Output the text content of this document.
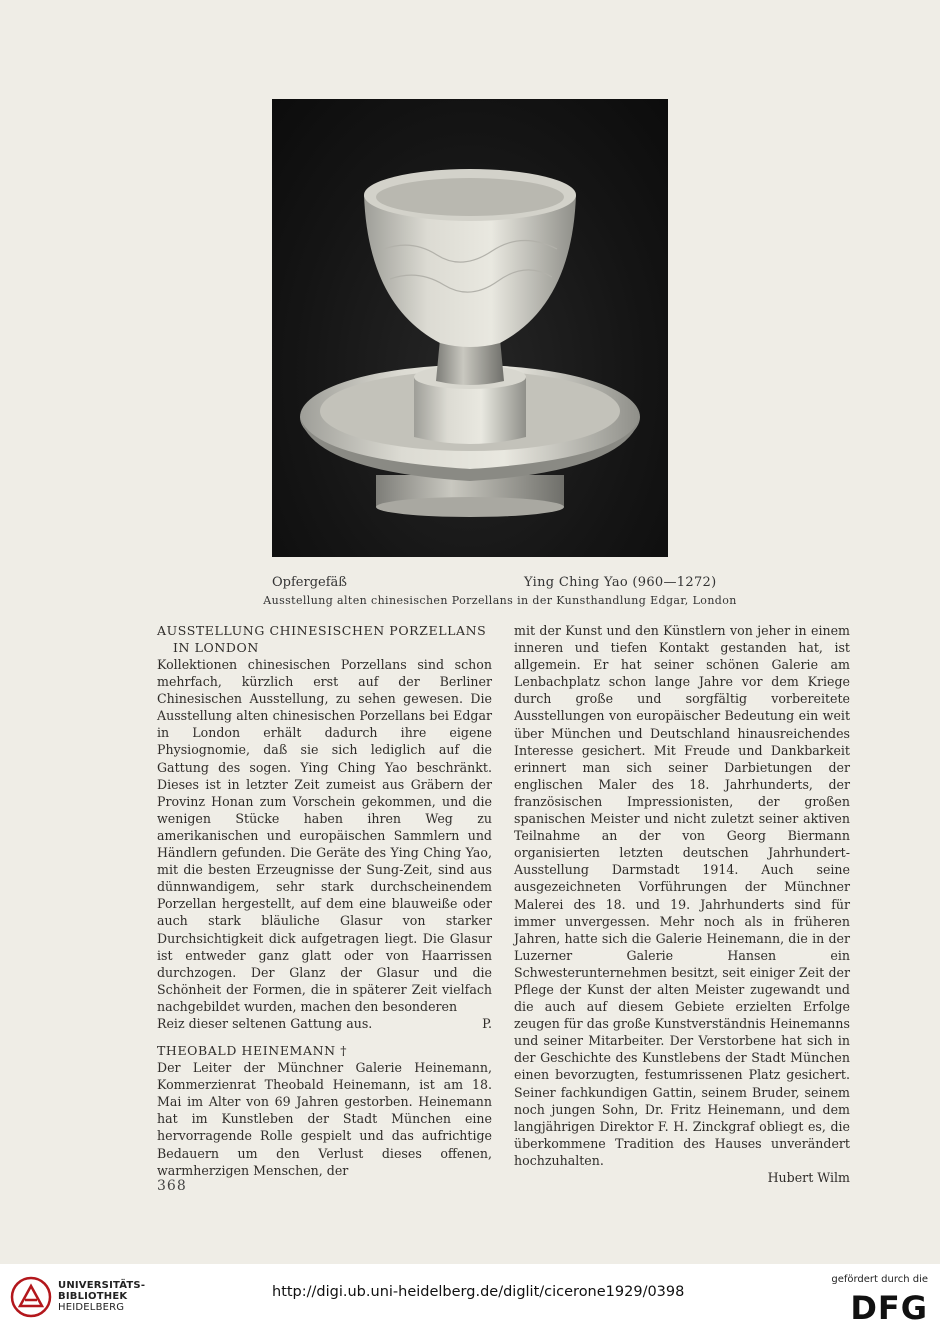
Opfergefäß	Ying Ching Yao (960—1272)
Ausstellung alten chinesischen Porzellans in der Kunsthandlung Edgar, London

AUSSTELLUNG CHINESISCHEN PORZELLANS

IN LONDON

Kollektionen chinesischen Porzellans sind schon mehrfach, kürzlich erst auf der Berliner Chinesischen Ausstellung, zu sehen gewesen. Die Ausstellung alten chinesischen Porzellans bei Edgar in London erhält dadurch ihre eigene Physiognomie, daß sie sich lediglich auf die Gattung des sogen. Ying Ching Yao beschränkt. Dieses ist in letzter Zeit zumeist aus Gräbern der Provinz Honan zum Vorschein gekommen, und die wenigen Stücke haben ihren Weg zu amerikanischen und europäischen Sammlern und Händlern gefunden. Die Geräte des Ying Ching Yao, mit die besten Erzeugnisse der Sung-Zeit, sind aus dünnwandigem, sehr stark durchscheinendem Porzellan hergestellt, auf dem eine blauweiße oder auch stark bläuliche Glasur von starker Durchsichtigkeit dick aufgetragen liegt. Die Glasur ist entweder ganz glatt oder von Haarrissen durchzogen. Der Glanz der Glasur und die Schönheit der Formen, die in späterer Zeit vielfach nachgebildet wurden, machen den besonderen

Reiz dieser seltenen Gattung aus.	P.

THEOBALD HEINEMANN †

Der Leiter der Münchner Galerie Heinemann, Kommerzienrat Theobald Heinemann, ist am 18. Mai im Alter von 69 Jahren gestorben. Heinemann hat im Kunstleben der Stadt München eine hervorragende Rolle gespielt und das aufrichtige Bedauern um den Verlust dieses offenen, warmherzigen Menschen, der

mit der Kunst und den Künstlern von jeher in einem inneren und tiefen Kontakt gestanden hat, ist allgemein. Er hat seiner schönen Galerie am Lenbachplatz schon lange Jahre vor dem Kriege durch große und sorgfältig vorbereitete Ausstellungen von europäischer Bedeutung ein weit über München und Deutschland hinausreichendes Interesse gesichert. Mit Freude und Dankbarkeit erinnert man sich seiner Darbietungen der englischen Maler des 18. Jahrhunderts, der französischen Impressionisten, der großen spanischen Meister und nicht zuletzt seiner aktiven Teilnahme an der von Georg Biermann organisierten letzten deutschen Jahrhundert-Ausstellung Darmstadt 1914. Auch seine ausgezeichneten Vorführungen der Münchner Malerei des 18. und 19. Jahrhunderts sind für immer unvergessen. Mehr noch als in früheren Jahren, hatte sich die Galerie Heinemann, die in der Luzerner Galerie Hansen ein Schwesterunternehmen besitzt, seit einiger Zeit der Pflege der Kunst der alten Meister zugewandt und die auch auf diesem Gebiete erzielten Erfolge zeugen für das große Kunstverständnis Heinemanns und seiner Mitarbeiter. Der Verstorbene hat sich in der Geschichte des Kunstlebens der Stadt München einen bevorzugten, festumrissenen Platz gesichert. Seiner fachkundigen Gattin, seinem Bruder, seinem noch jungen Sohn, Dr. Fritz Heinemann, und dem langjährigen Direktor F. H. Zinckgraf obliegt es, die überkommene Tradition des Hauses unverändert hochzuhalten.

Hubert Wilm

368
UNIVERSITÄTS-
BIBLIOTHEK
HEIDELBERG
http://digi.ub.uni-heidelberg.de/diglit/cicerone1929/0398
gefördert durch die
DFG
